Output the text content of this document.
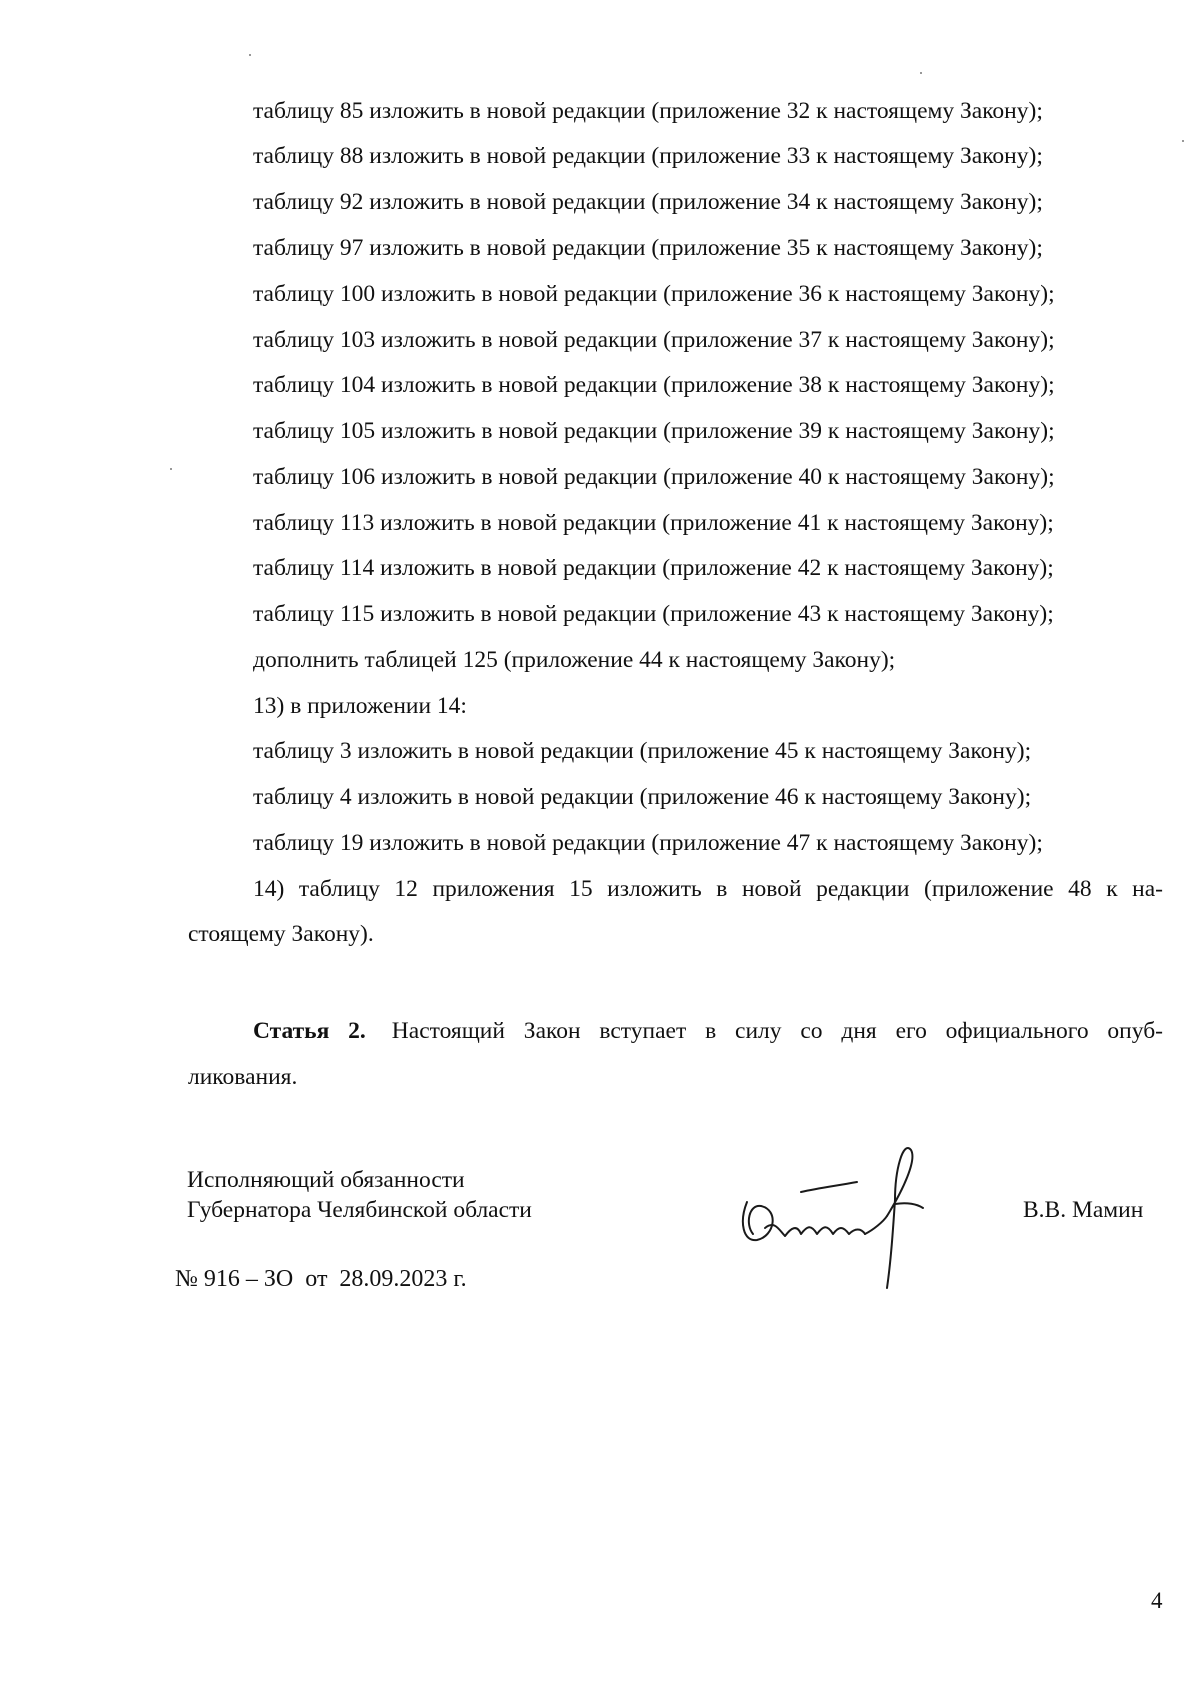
таблицу 85 изложить в новой редакции (приложение 32 к настоящему Закону);
таблицу 88 изложить в новой редакции (приложение 33 к настоящему Закону);
таблицу 92 изложить в новой редакции (приложение 34 к настоящему Закону);
таблицу 97 изложить в новой редакции (приложение 35 к настоящему Закону);
таблицу 100 изложить в новой редакции (приложение 36 к настоящему Закону);
таблицу 103 изложить в новой редакции (приложение 37 к настоящему Закону);
таблицу 104 изложить в новой редакции (приложение 38 к настоящему Закону);
таблицу 105 изложить в новой редакции (приложение 39 к настоящему Закону);
таблицу 106 изложить в новой редакции (приложение 40 к настоящему Закону);
таблицу 113 изложить в новой редакции (приложение 41 к настоящему Закону);
таблицу 114 изложить в новой редакции (приложение 42 к настоящему Закону);
таблицу 115 изложить в новой редакции (приложение 43 к настоящему Закону);
дополнить таблицей 125 (приложение 44 к настоящему Закону);
13) в приложении 14:
таблицу 3 изложить в новой редакции (приложение 45 к настоящему Закону);
таблицу 4 изложить в новой редакции (приложение 46 к настоящему Закону);
таблицу 19 изложить в новой редакции (приложение 47 к настоящему Закону);
14) таблицу 12 приложения 15 изложить в новой редакции (приложение 48 к на-
стоящему Закону).
Статья 2. Настоящий Закон вступает в силу со дня его официального опуб-
ликования.
Исполняющий обязанности
Губернатора Челябинской области	В.В. Мамин
№ 916 – ЗО  от  28.09.2023 г.
4
